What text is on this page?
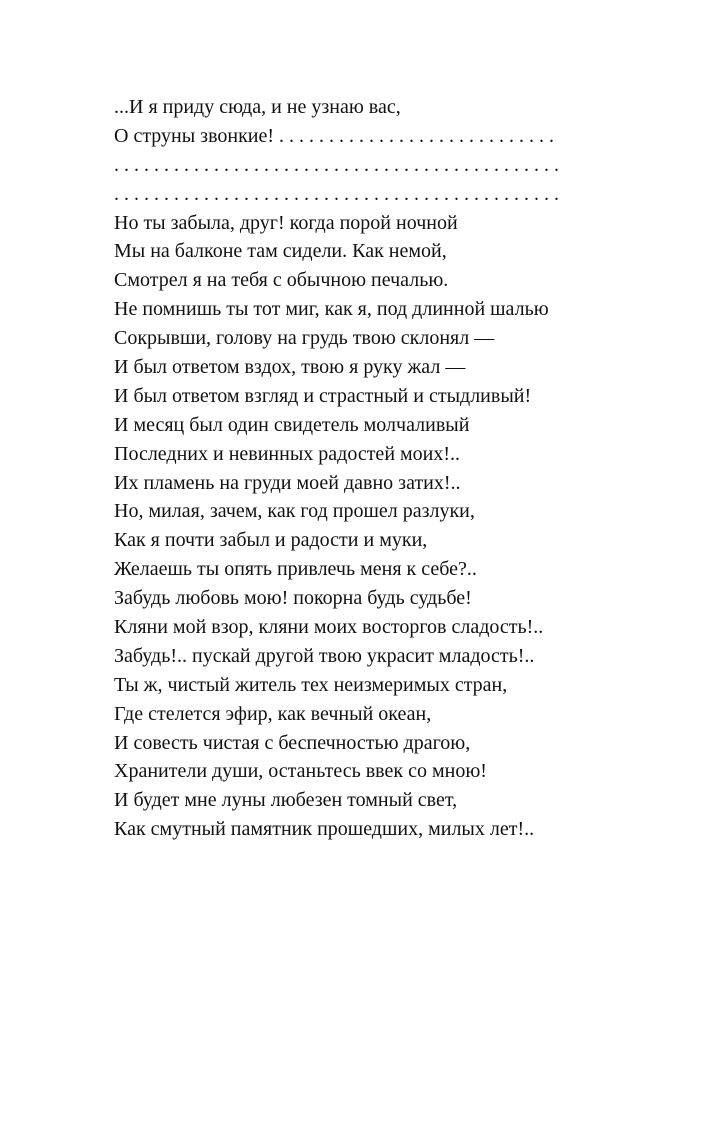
...И я приду сюда, и не узнаю вас,
О струны звонкие! . . . . . . . . . . . . . . . . . . . . . . . . . . . .
. . . . . . . . . . . . . . . . . . . . . . . . . . . . . . . . . . . . . . . . . . . . .
. . . . . . . . . . . . . . . . . . . . . . . . . . . . . . . . . . . . . . . . . . . . .
Но ты забыла, друг! когда порой ночной
Мы на балконе там сидели. Как немой,
Смотрел я на тебя с обычною печалью.
Не помнишь ты тот миг, как я, под длинной шалью
Сокрывши, голову на грудь твою склонял —
И был ответом вздох, твою я руку жал —
И был ответом взгляд и страстный и стыдливый!
И месяц был один свидетель молчаливый
Последних и невинных радостей моих!..
Их пламень на груди моей давно затих!..
Но, милая, зачем, как год прошел разлуки,
Как я почти забыл и радости и муки,
Желаешь ты опять привлечь меня к себе?..
Забудь любовь мою! покорна будь судьбе!
Кляни мой взор, кляни моих восторгов сладость!..
Забудь!.. пускай другой твою украсит младость!..
Ты ж, чистый житель тех неизмеримых стран,
Где стелется эфир, как вечный океан,
И совесть чистая с беспечностью драгою,
Хранители души, останьтесь ввек со мною!
И будет мне луны любезен томный свет,
Как смутный памятник прошедших, милых лет!..
